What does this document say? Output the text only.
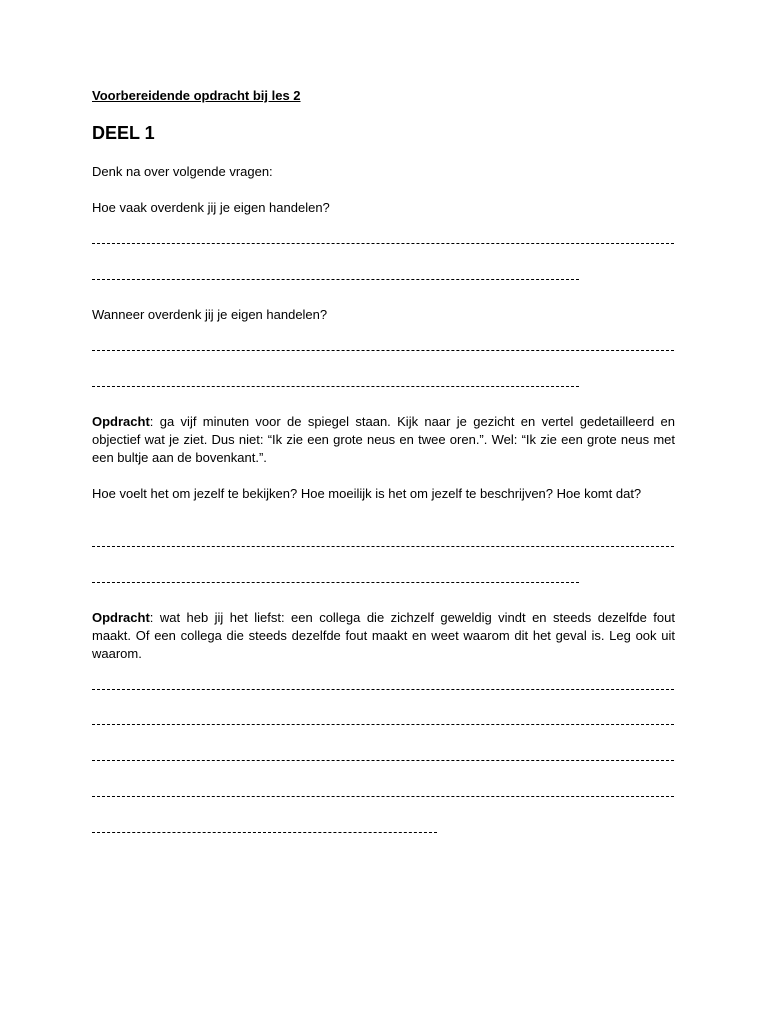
Voorbereidende opdracht bij les 2
DEEL 1
Denk na over volgende vragen:
Hoe vaak overdenk jij je eigen handelen?
Wanneer overdenk jij je eigen handelen?
Opdracht: ga vijf minuten voor de spiegel staan. Kijk naar je gezicht en vertel gedetailleerd en objectief wat je ziet. Dus niet: “Ik zie een grote neus en twee oren.”. Wel: “Ik zie een grote neus met een bultje aan de bovenkant.”.
Hoe voelt het om jezelf te bekijken? Hoe moeilijk is het om jezelf te beschrijven? Hoe komt dat?
Opdracht: wat heb jij het liefst: een collega die zichzelf geweldig vindt en steeds dezelfde fout maakt. Of een collega die steeds dezelfde fout maakt en weet waarom dit het geval is. Leg ook uit waarom.
